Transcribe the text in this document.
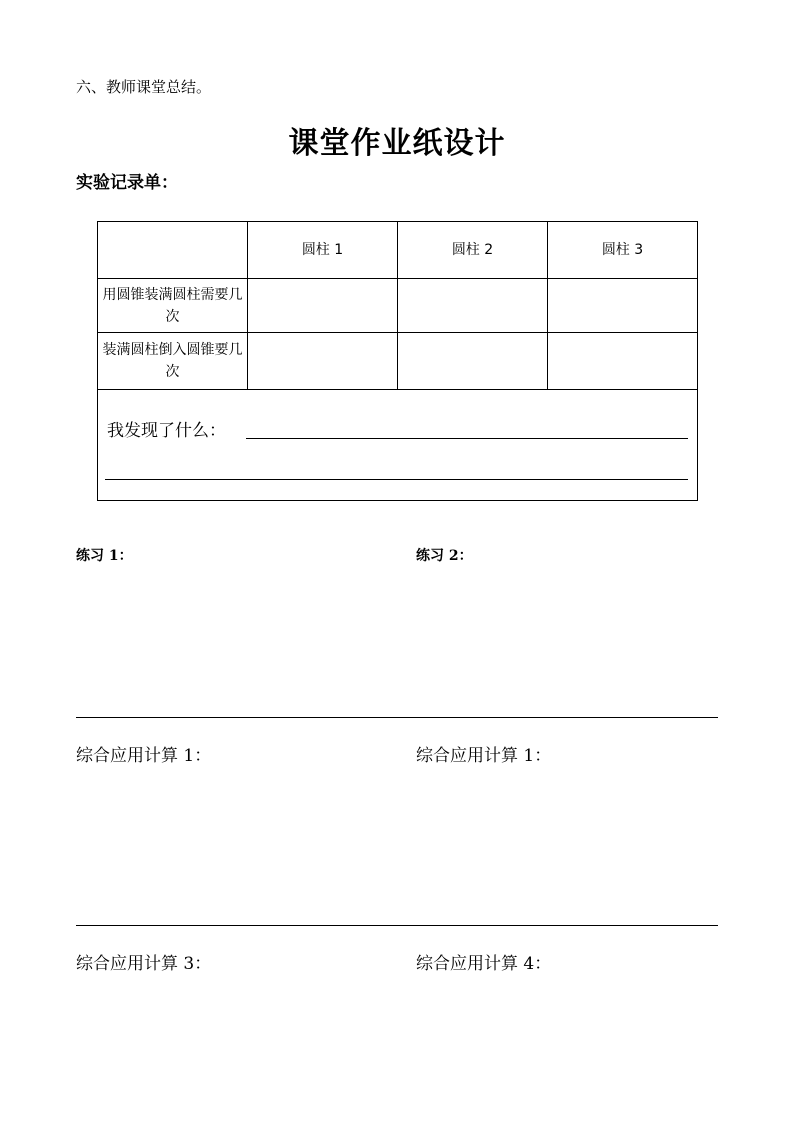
六、教师课堂总结。
课堂作业纸设计
实验记录单：
	圆柱 1	圆柱 2	圆柱 3
用圆锥装满圆柱需要几次			
装满圆柱倒入圆锥要几次			

我发现了什么：			
练习 1：	练习 2：
综合应用计算 1：	综合应用计算 1：
综合应用计算 3：	综合应用计算 4：
